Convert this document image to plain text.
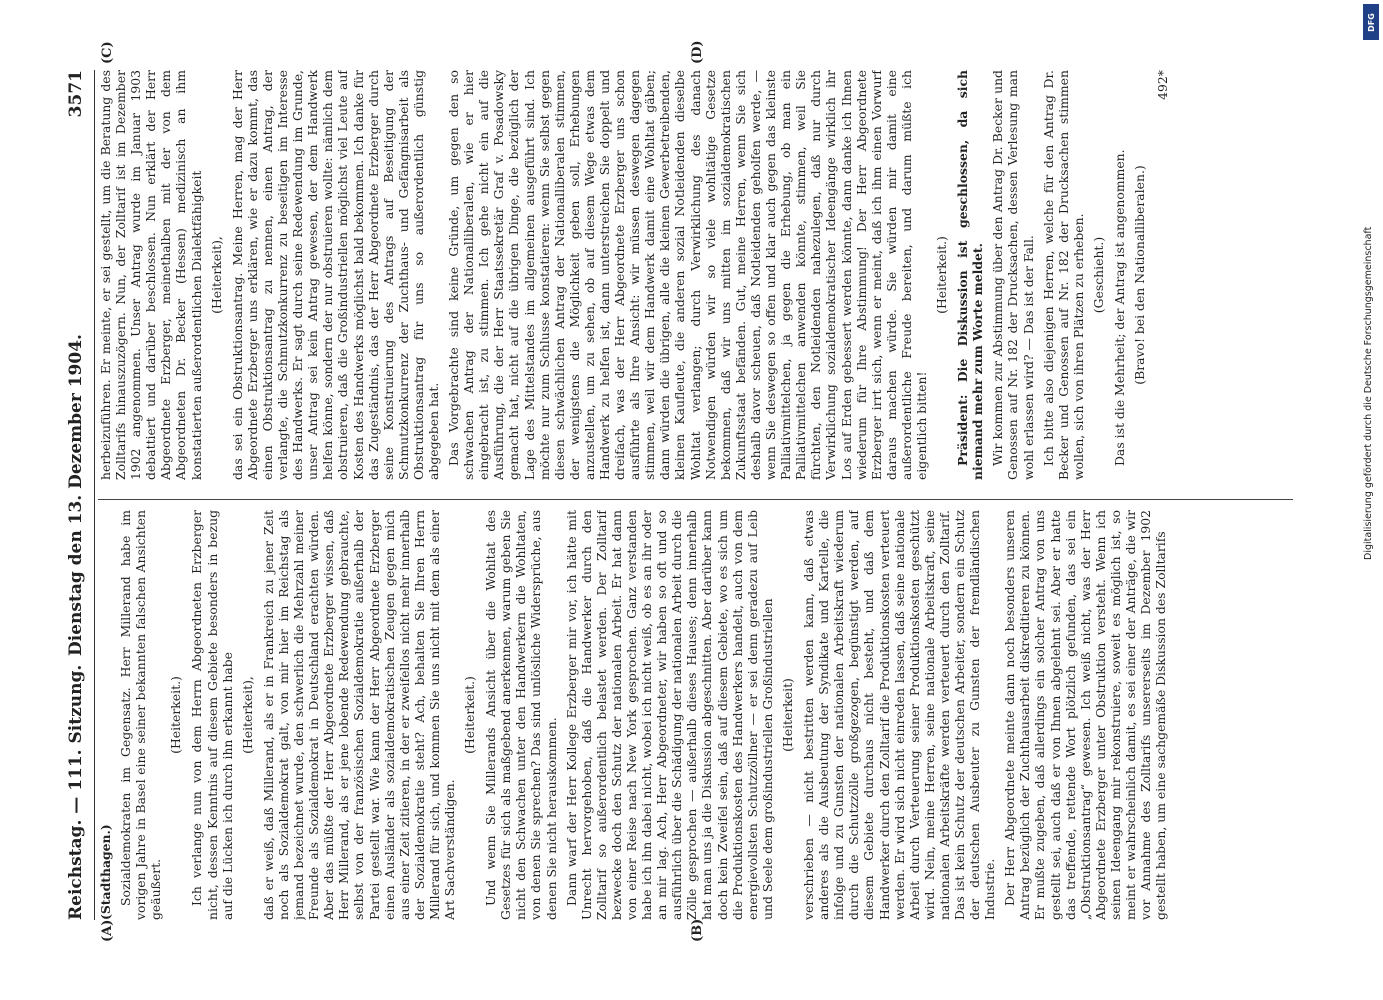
Reichstag. — 111. Sitzung.
Dienstag den 13. Dezember 1904.
3571
(A)	(B)
(C)	(D)

(Stadthagen.) Sozialdemokraten im Gegensatz. Herr Millerand habe im vorigen Jahre in Basel eine seiner bekannten falschen Ansichten geäußert.

(Heiterkeit.) Ich verlange nun von dem Herrn Abgeordneten Erzberger nicht, dessen Kenntnis auf diesem Gebiete besonders in bezug auf die Lücken ich durch ihn erkannt habe (Heiterkeit), daß er weiß, daß Millerand, als er in Frankreich zu jener Zeit noch als Sozialdemokrat galt, von mir hier im Reichstag als jemand bezeichnet wurde, den schwerlich die Mehrzahl meiner Freunde als Sozialdemokrat in Deutschland erachten würden. Aber das müßte der Herr Abgeordnete Erzberger wissen, daß Herr Millerand, als er jene lobende Redewendung gebrauchte, selbst von der französischen Sozialdemokratie außerhalb der Partei gestellt war. Wie kann der Herr Abgeordnete Erzberger einen Ausländer als sozialdemokratischen Zeugen gegen mich aus einer Zeit zitieren, in der er zweifellos nicht mehr innerhalb der Sozialdemokratie steht? Ach, behalten Sie Ihren Herrn Millerand für sich, und kommen Sie uns nicht mit dem als einer Art Sachverständigen.

(Heiterkeit.) Und wenn Sie Millerands Ansicht über die Wohltat des Gesetzes für sich als maßgebend anerkennen, warum geben Sie nicht den Schwachen unter den Handwerkern die Wohltaten, von denen Sie sprechen? Das sind unlösliche Widersprüche, aus denen Sie nicht herauskommen. Dann warf der Herr Kollege Erzberger mir vor, ich hätte mit Unrecht hervorgehoben, daß die Handwerker durch den Zolltarif so außerordentlich belastet werden. Der Zolltarif bezwecke doch den Schutz der nationalen Arbeit. Er hat dann von einer Reise nach New York gesprochen. Ganz verstanden habe ich ihn dabei nicht, wobei ich nicht weiß, ob es an ihr oder an mir lag. Ach, Herr Abgeordneter, wir haben so oft und so ausführlich über die Schädigung der nationalen Arbeit durch die Zölle gesprochen — außerhalb dieses Hauses; denn innerhalb hat man uns ja die Diskussion abgeschnitten. Aber darüber kann doch kein Zweifel sein, daß auf diesem Gebiete, wo es sich um die Produktionskosten des Handwerkers handelt, auch von dem energievollsten Schutzzöllner — er sei denn geradezu auf Leib und Seele dem großindustriellen Großindustriellen (Heiterkeit) verschrieben — nicht bestritten werden kann, daß etwas anderes als die Ausbeutung der Syndikate und Kartelle, die infolge und zu Gunsten der nationalen Arbeitskraft wiederum durch die Schutzzölle großgezogen, begünstigt werden, auf diesem Gebiete durchaus nicht besteht, und daß dem Handwerker durch den Zolltarif die Produktionskosten verteuert werden. Er wird sich nicht einreden lassen, daß seine nationale Arbeit durch Verteuerung seiner Produktionskosten geschützt wird. Nein, meine Herren, seine nationale Arbeitskraft, seine nationalen Arbeitskräfte werden verteuert durch den Zolltarif. Das ist kein Schutz der deutschen Arbeiter, sondern ein Schutz der deutschen Ausbeuter zu Gunsten der fremdländischen Industrie. Der Herr Abgeordnete meinte dann noch besonders unseren Antrag bezüglich der Zuchthausarbeit diskreditieren zu können. Er mußte zugeben, daß allerdings ein solcher Antrag von uns gestellt sei, auch daß er von Ihnen abgelehnt sei. Aber er hatte das treffende, rettende Wort plötzlich gefunden, das sei ein „Obstruktionsantrag“ gewesen. Ich weiß nicht, was der Herr Abgeordnete Erzberger unter Obstruktion versteht. Wenn ich seinen Ideengang mir rekonstruiere, soweit es möglich ist, so meint er wahrscheinlich damit, es sei einer der Anträge, die wir vor Annahme des Zolltarifs unsererseits im Dezember 1902 gestellt haben, um eine sachgemäße Diskussion des Zolltarifs

herbeizuführen. Er meinte, er sei gestellt, um die Beratung des Zolltarifs hinauszuzögern. Nun, der Zolltarif ist im Dezember 1902 angenommen. Unser Antrag wurde im Januar 1903 debattiert und darüber beschlossen. Nun erklärt der Herr Abgeordnete Erzberger, meinethalben mit der von dem Abgeordneten Dr. Becker (Hessen) medizinisch an ihm konstatierten außerordentlichen Dialektfähigkeit (Heiterkeit), das sei ein Obstruktionsantrag. Meine Herren, mag der Herr Abgeordnete Erzberger uns erklären, wie er dazu kommt, das einen Obstruktionsantrag zu nennen, einen Antrag, der verlangte, die Schmutzkonkurrenz zu beseitigen im Interesse des Handwerks. Er sagt durch seine Redewendung im Grunde, unser Antrag sei kein Antrag gewesen, der dem Handwerk helfen könne, sondern der nur obstruieren wollte: nämlich dem obstruieren, daß die Großindustriellen möglichst viel Leute auf Kosten des Handwerks möglichst bald bekommen. Ich danke für das Zugeständnis, das der Herr Abgeordnete Erzberger durch seine Konstruierung des Antrags auf Beseitigung der Schmutzkonkurrenz der Zuchthaus- und Gefängnisarbeit als Obstruktionsantrag für uns so außerordentlich günstig abgegeben hat. Das Vorgebrachte sind keine Gründe, um gegen den so schwachen Antrag der Nationalliberalen, wie er hier eingebracht ist, zu stimmen. Ich gehe nicht ein auf die Ausführung, die der Herr Staatssekretär Graf v. Posadowsky gemacht hat, nicht auf die übrigen Dinge, die bezüglich der Lage des Mittelstandes im allgemeinen ausgeführt sind. Ich möchte nur zum Schlusse konstatieren: wenn Sie selbst gegen diesen schwächlichen Antrag der Nationalliberalen stimmen, der wenigstens die Möglichkeit geben soll, Erhebungen anzustellen, um zu sehen, ob auf diesem Wege etwas dem Handwerk zu helfen ist, dann unterstreichen Sie doppelt und dreifach, was der Herr Abgeordnete Erzberger uns schon ausführte als Ihre Ansicht: wir müssen deswegen dagegen stimmen, weil wir dem Handwerk damit eine Wohltat gäben; dann würden die übrigen, alle die kleinen Gewerbetreibenden, kleinen Kaufleute, die anderen sozial Notleidenden dieselbe Wohltat verlangen; durch Verwirklichung des danach Notwendigen würden wir so viele wohltätige Gesetze bekommen, daß wir uns mitten im sozialdemokratischen Zukunftsstaat befänden. Gut, meine Herren, wenn Sie sich deshalb davor scheuen, daß Notleidenden geholfen werde, — wenn Sie deswegen so offen und klar auch gegen das kleinste Palliativmittelchen, ja gegen die Erhebung, ob man ein Palliativmittelchen anwenden könnte, stimmen, weil Sie fürchten, den Notleidenden nahezulegen, daß nur durch Verwirklichung sozialdemokratischer Ideengänge wirklich ihr Los auf Erden gebessert werden könnte, dann danke ich Ihnen wiederum für Ihre Abstimmung! Der Herr Abgeordnete Erzberger irrt sich, wenn er meint, daß ich ihm einen Vorwurf daraus machen würde. Sie würden mir damit eine außerordentliche Freude bereiten, und darum müßte ich eigentlich bitten!

(Heiterkeit.) Präsident: Die Diskussion ist geschlossen, da sich niemand mehr zum Worte meldet. Wir kommen zur Abstimmung über den Antrag Dr. Becker und Genossen auf Nr. 182 der Drucksachen, dessen Verlesung man wohl erlassen wird? — Das ist der Fall. Ich bitte also diejenigen Herren, welche für den Antrag Dr. Becker und Genossen auf Nr. 182 der Drucksachen stimmen wollen, sich von ihren Plätzen zu erheben. (Geschieht.) Das ist die Mehrheit; der Antrag ist angenommen. (Bravo! bei den Nationalliberalen.)

492*

DFG
Digitalisierung gefördert durch die Deutsche Forschungsgemeinschaft
